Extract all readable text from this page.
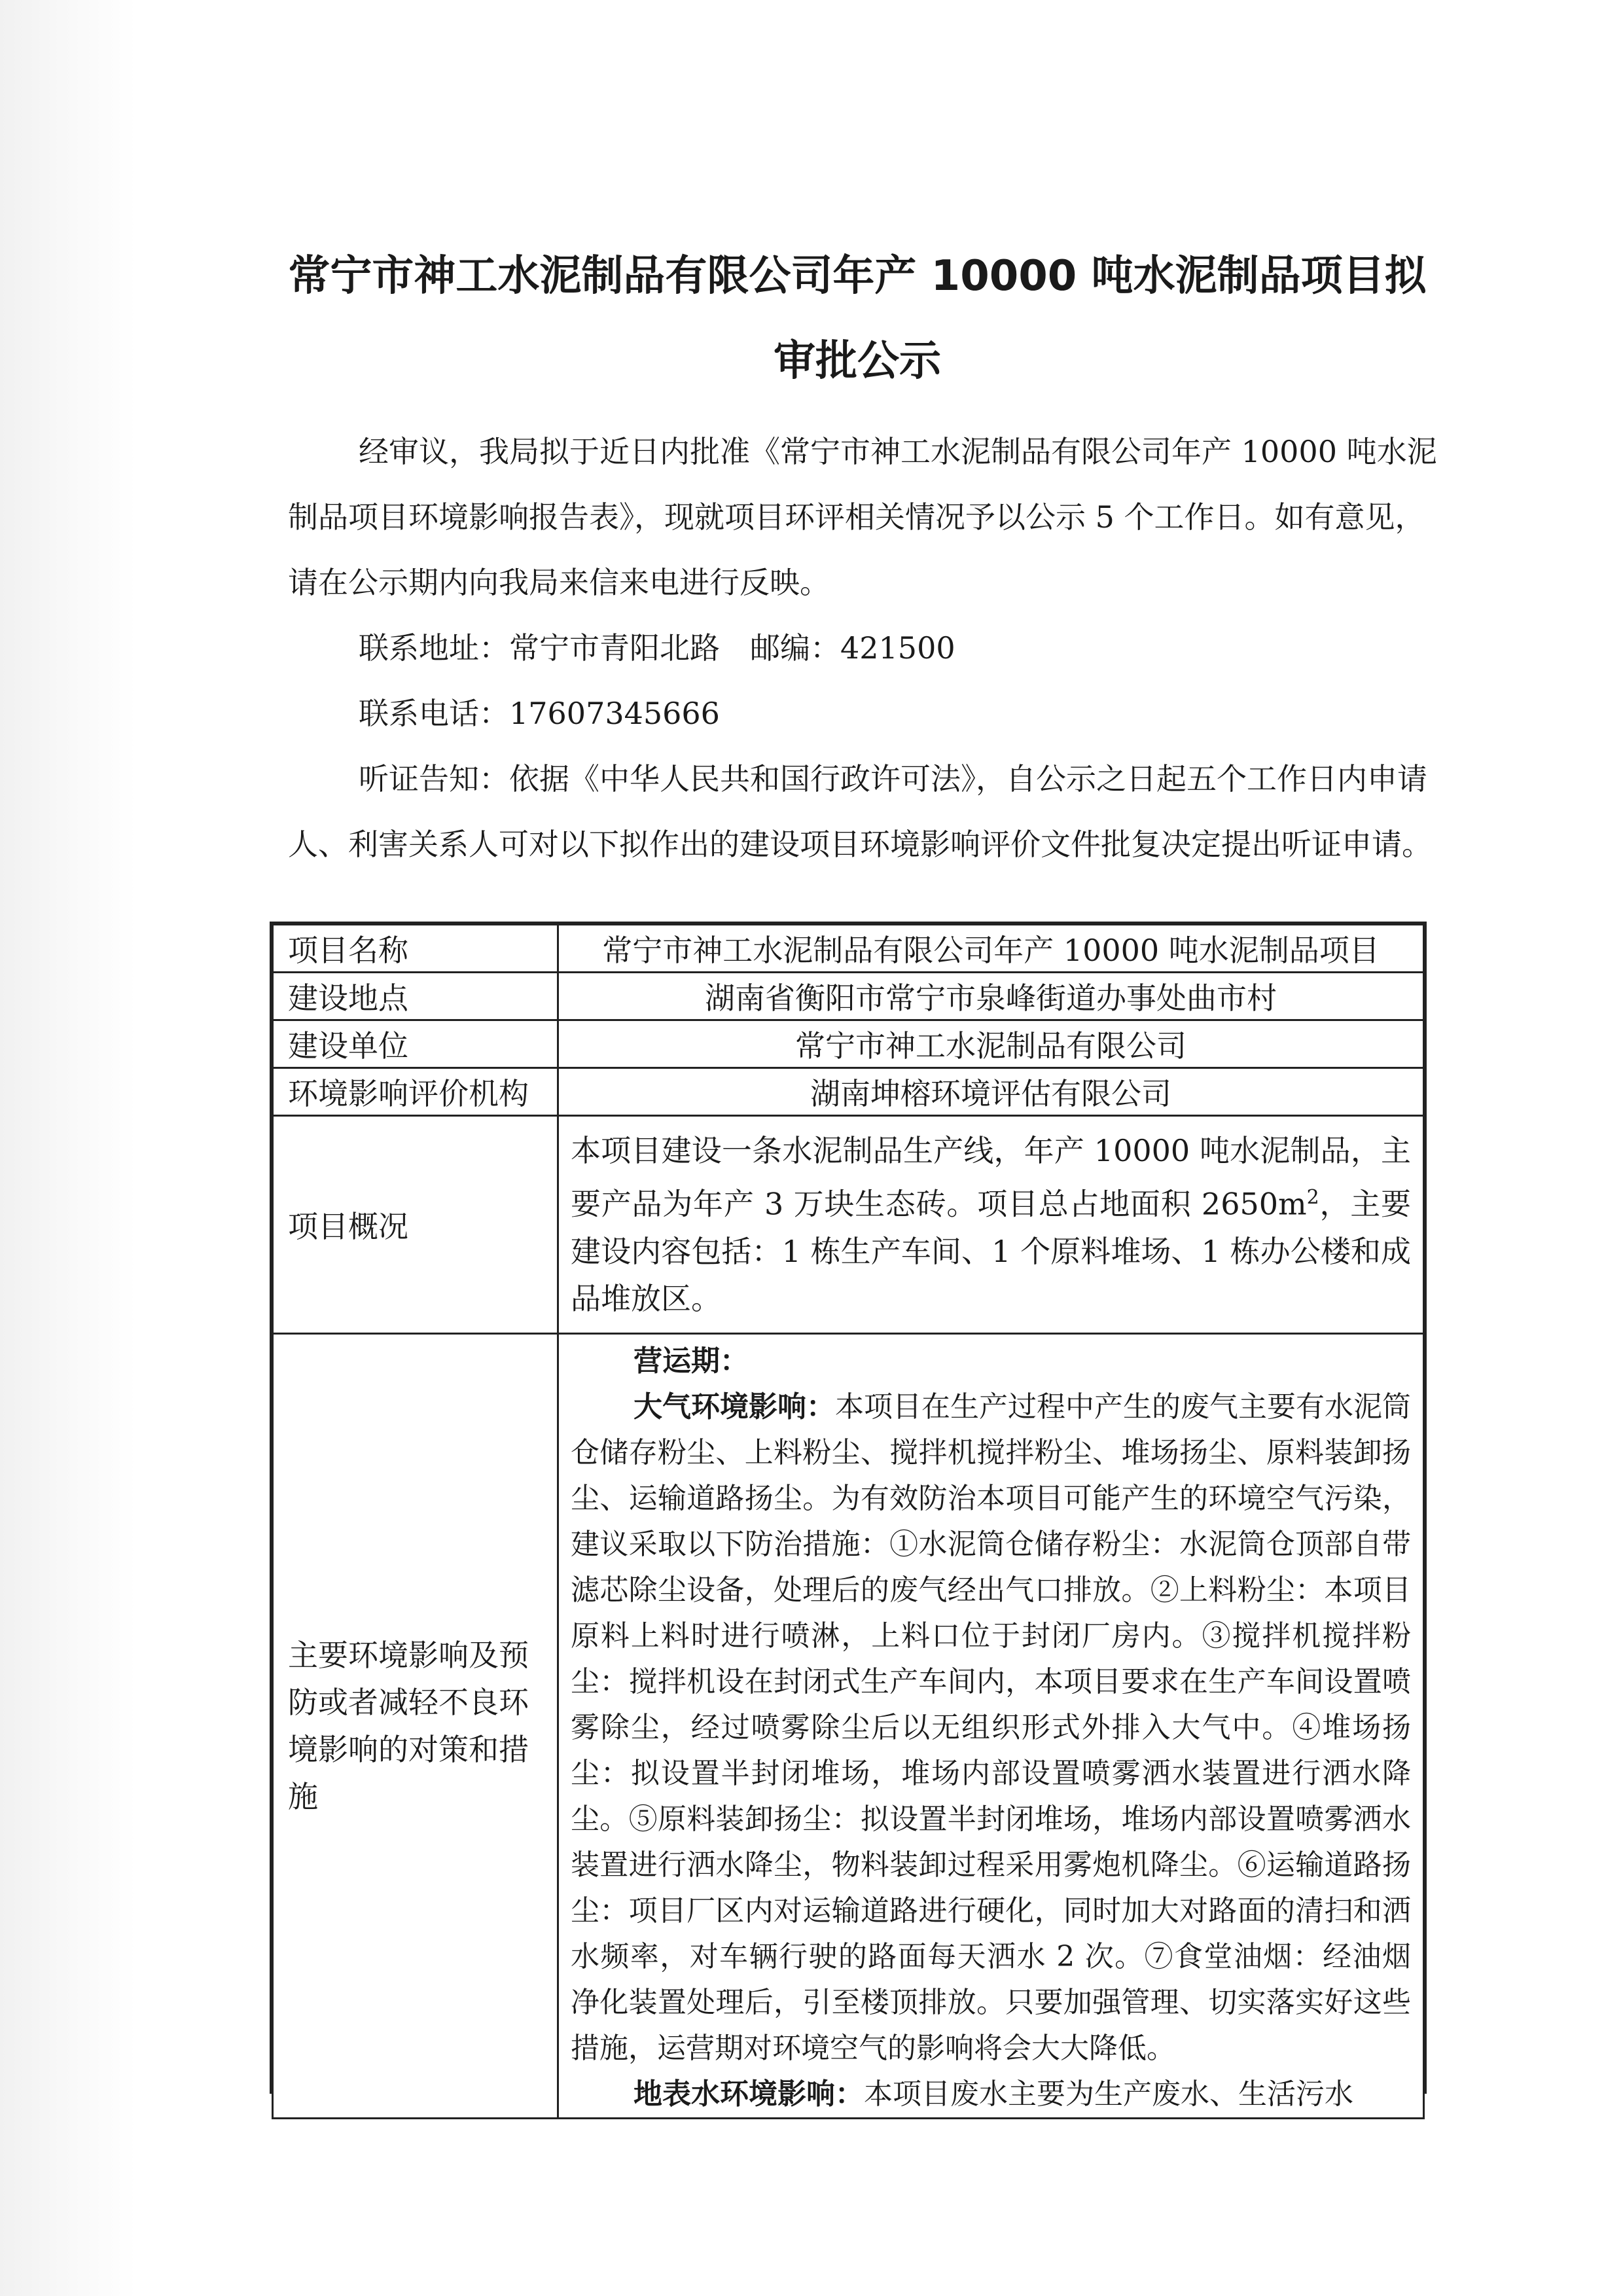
常宁市神工水泥制品有限公司年产 10000 吨水泥制品项目拟
审批公示

经审议，我局拟于近日内批准《常宁市神工水泥制品有限公司年产 10000 吨水泥制品项目环境影响报告表》，现就项目环评相关情况予以公示 5 个工作日。如有意见，请在公示期内向我局来信来电进行反映。

联系地址：常宁市青阳北路　邮编：421500

联系电话：17607345666

听证告知：依据《中华人民共和国行政许可法》，自公示之日起五个工作日内申请人、利害关系人可对以下拟作出的建设项目环境影响评价文件批复决定提出听证申请。

项目名称	常宁市神工水泥制品有限公司年产 10000 吨水泥制品项目
建设地点	湖南省衡阳市常宁市泉峰街道办事处曲市村
建设单位	常宁市神工水泥制品有限公司
环境影响评价机构	湖南坤榕环境评估有限公司
项目概况	本项目建设一条水泥制品生产线，年产 10000 吨水泥制品，主要产品为年产 3 万块生态砖。项目总占地面积 $2650m^2$，主要建设内容包括：1 栋生产车间、1 个原料堆场、1 栋办公楼和成品堆放区。
主要环境影响及预防或者减轻不良环境影响的对策和措施	营运期：
大气环境影响：本项目在生产过程中产生的废气主要有水泥筒仓储存粉尘、上料粉尘、搅拌机搅拌粉尘、堆场扬尘、原料装卸扬尘、运输道路扬尘。为有效防治本项目可能产生的环境空气污染，建议采取以下防治措施：①水泥筒仓储存粉尘：水泥筒仓顶部自带滤芯除尘设备，处理后的废气经出气口排放。②上料粉尘：本项目原料上料时进行喷淋，上料口位于封闭厂房内。③搅拌机搅拌粉尘：搅拌机设在封闭式生产车间内，本项目要求在生产车间设置喷雾除尘，经过喷雾除尘后以无组织形式外排入大气中。④堆场扬尘：拟设置半封闭堆场，堆场内部设置喷雾洒水装置进行洒水降尘。⑤原料装卸扬尘：拟设置半封闭堆场，堆场内部设置喷雾洒水装置进行洒水降尘，物料装卸过程采用雾炮机降尘。⑥运输道路扬尘：项目厂区内对运输道路进行硬化，同时加大对路面的清扫和洒水频率，对车辆行驶的路面每天洒水 2 次。⑦食堂油烟：经油烟净化装置处理后，引至楼顶排放。只要加强管理、切实落实好这些措施，运营期对环境空气的影响将会大大降低。
地表水环境影响：本项目废水主要为生产废水、生活污水
